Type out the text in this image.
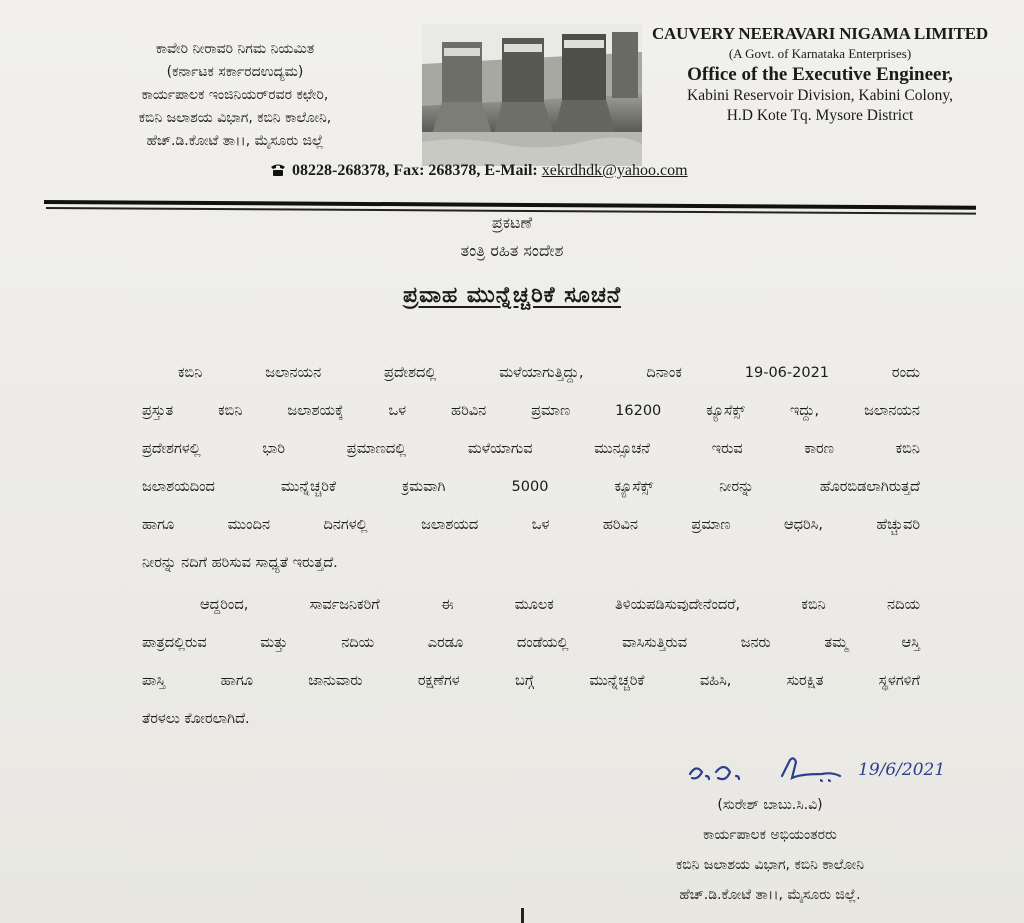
ಕಾವೇರಿ ನೀರಾವರಿ ನಿಗಮ ನಿಯಮಿತ
(ಕರ್ನಾಟಕ ಸರ್ಕಾರದಉದ್ಯಮ)
ಕಾರ್ಯಪಾಲಕ ಇಂಜಿನಿಯರ್‌ರವರ ಕಛೇರಿ,
ಕಬಿನಿ ಜಲಾಶಯ ವಿಭಾಗ, ಕಬಿನಿ ಕಾಲೋನಿ,
ಹೆಚ್.ಡಿ.ಕೋಟೆ ತಾ।।, ಮೈಸೂರು ಜಿಲ್ಲೆ
CAUVERY NEERAVARI NIGAMA LIMITED
(A Govt. of Karnataka Enterprises)
Office of the Executive Engineer,
Kabini Reservoir Division, Kabini Colony,
H.D Kote Tq. Mysore District
08228-268378, Fax: 268378, E-Mail: xekrdhdk@yahoo.com
ಪ್ರಕಟಣೆ
ತಂತ್ರಿ ರಹಿತ ಸಂದೇಶ
ಪ್ರವಾಹ ಮುನ್ನೆಚ್ಚರಿಕೆ ಸೂಚನೆ
ಕಬಿನಿ ಜಲಾನಯನ ಪ್ರದೇಶದಲ್ಲಿ ಮಳೆಯಾಗುತ್ತಿದ್ದು, ದಿನಾಂಕ 19-06-2021 ರಂದು
ಪ್ರಸ್ತುತ ಕಬಿನಿ ಜಲಾಶಯಕ್ಕೆ ಒಳ ಹರಿವಿನ ಪ್ರಮಾಣ 16200 ಕ್ಯೂಸೆಕ್ಸ್ ಇದ್ದು, ಜಲಾನಯನ
ಪ್ರದೇಶಗಳಲ್ಲಿ ಭಾರಿ ಪ್ರಮಾಣದಲ್ಲಿ ಮಳೆಯಾಗುವ ಮುನ್ಸೂಚನೆ ಇರುವ ಕಾರಣ ಕಬಿನಿ
ಜಲಾಶಯದಿಂದ ಮುನ್ನೆಚ್ಚರಿಕೆ ಕ್ರಮವಾಗಿ 5000 ಕ್ಯೂಸೆಕ್ಸ್ ನೀರನ್ನು ಹೊರಬಿಡಲಾಗಿರುತ್ತದೆ
ಹಾಗೂ ಮುಂದಿನ ದಿನಗಳಲ್ಲಿ ಜಲಾಶಯದ ಒಳ ಹರಿವಿನ ಪ್ರಮಾಣ ಆಧರಿಸಿ, ಹೆಚ್ಚುವರಿ
ನೀರನ್ನು ನದಿಗೆ ಹರಿಸುವ ಸಾಧ್ಯತೆ ಇರುತ್ತದೆ.
ಆದ್ದರಿಂದ, ಸಾರ್ವಜನಿಕರಿಗೆ ಈ ಮೂಲಕ ತಿಳಿಯಪಡಿಸುವುದೇನೆಂದರೆ, ಕಬಿನಿ ನದಿಯ
ಪಾತ್ರದಲ್ಲಿರುವ ಮತ್ತು ನದಿಯ ಎರಡೂ ದಂಡೆಯಲ್ಲಿ ವಾಸಿಸುತ್ತಿರುವ ಜನರು ತಮ್ಮ ಆಸ್ತಿ
ಪಾಸ್ತಿ ಹಾಗೂ ಜಾನುವಾರು ರಕ್ಷಣೆಗಳ ಬಗ್ಗೆ ಮುನ್ನೆಚ್ಚರಿಕೆ ವಹಿಸಿ, ಸುರಕ್ಷಿತ ಸ್ಥಳಗಳಿಗೆ
ತೆರಳಲು ಕೋರಲಾಗಿದೆ.
19/6/2021
(ಸುರೇಶ್ ಬಾಬು.ಸಿ.ವಿ)
ಕಾರ್ಯಪಾಲಕ ಅಭಿಯಂತರರು
ಕಬಿನಿ ಜಲಾಶಯ ವಿಭಾಗ, ಕಬಿನಿ ಕಾಲೋನಿ
ಹೆಚ್.ಡಿ.ಕೋಟೆ ತಾ।।, ಮೈಸೂರು ಜಿಲ್ಲೆ.
